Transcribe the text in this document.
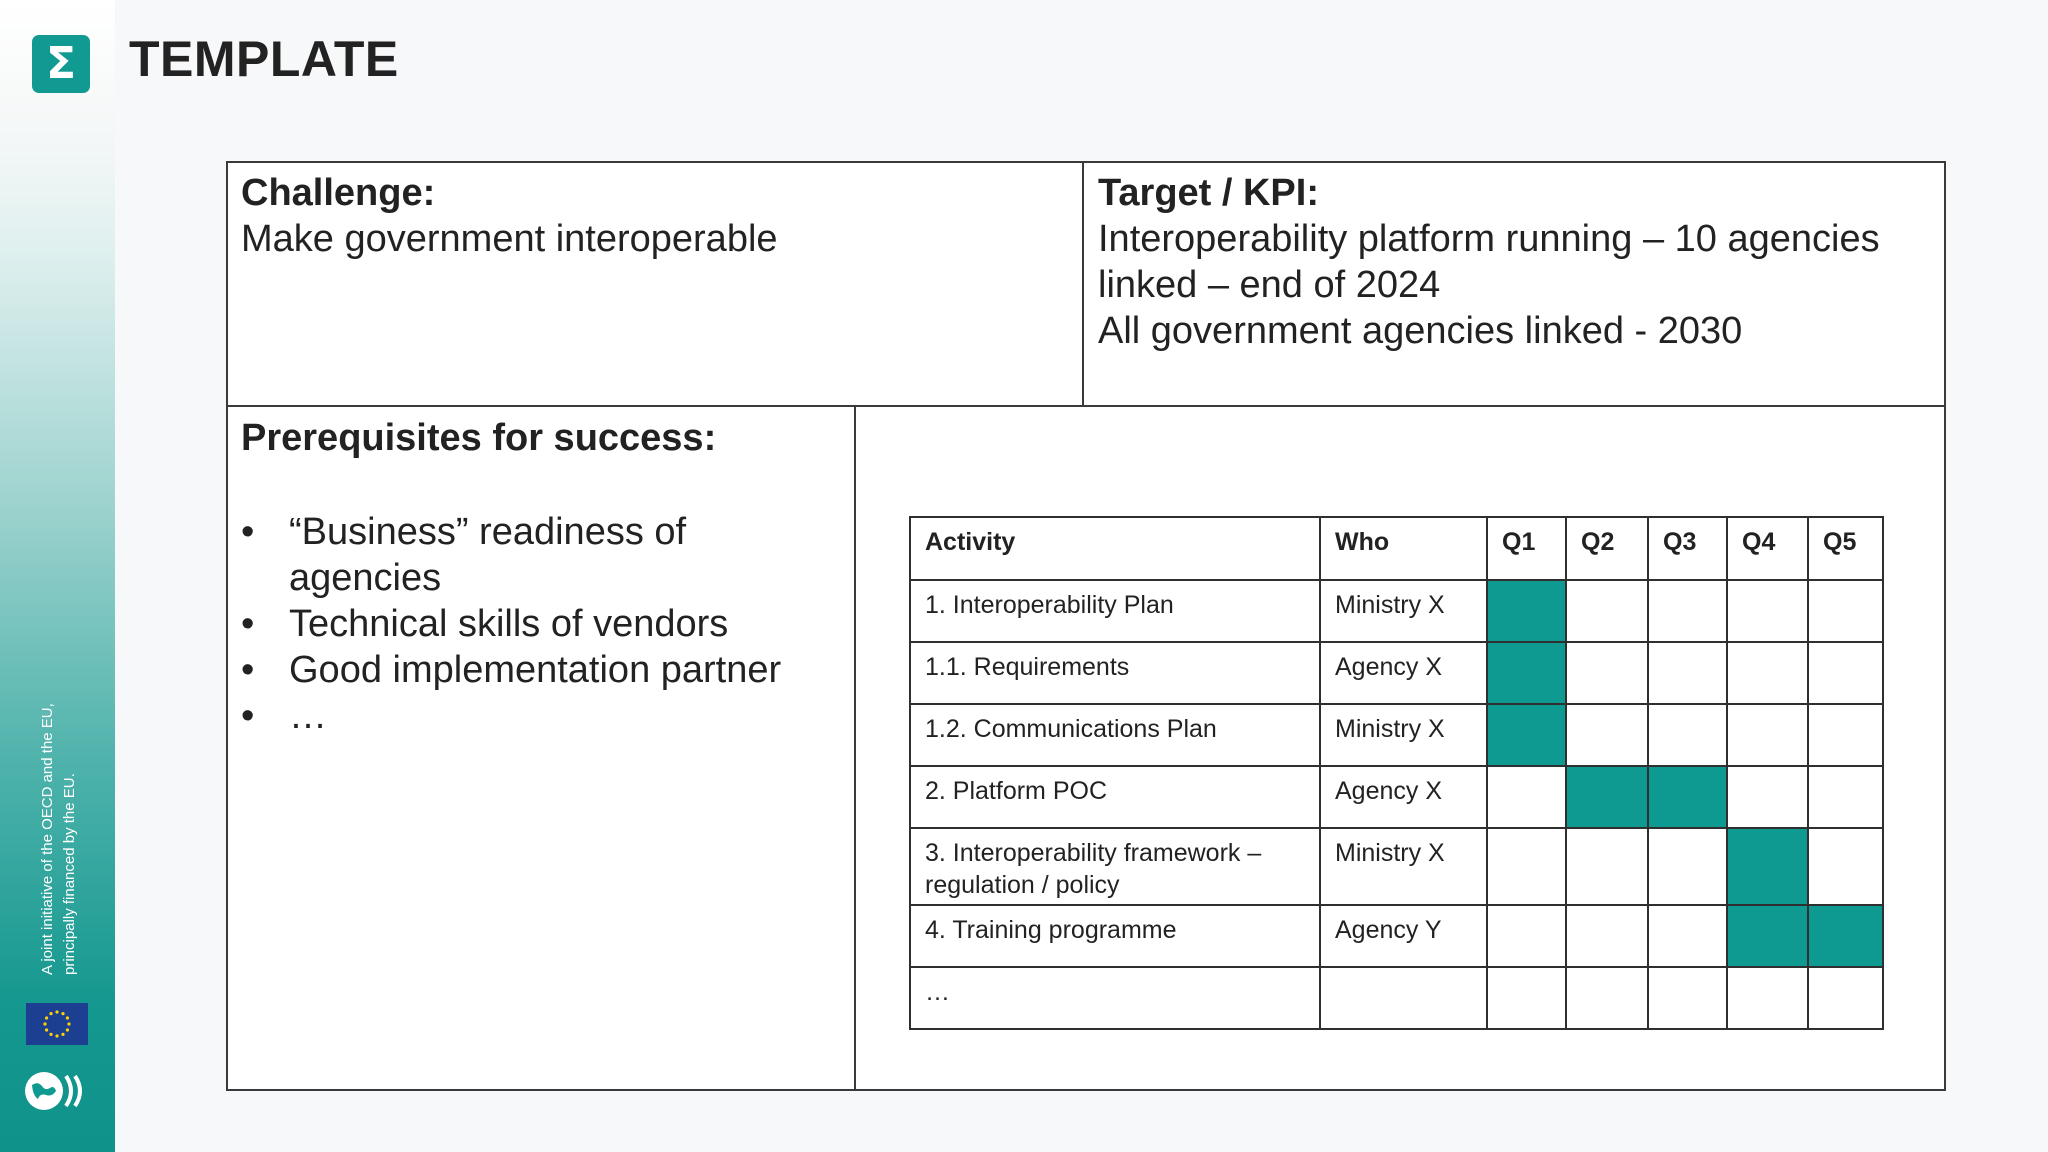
Σ
A joint initiative of the OECD and the EU, principally financed by the EU.
TEMPLATE
Challenge:
Make government interoperable
Target / KPI:
Interoperability platform running – 10 agencies
linked – end of 2024
All government agencies linked - 2030
Prerequisites for success:
• “Business” readiness of agencies
• Technical skills of vendors
• Good implementation partner
• …
Activity	Who	Q1	Q2	Q3	Q4	Q5
1. Interoperability Plan	Ministry X					
1.1. Requirements	Agency X					
1.2. Communications Plan	Ministry X					
2. Platform POC	Agency X					
3. Interoperability framework – regulation / policy	Ministry X					
4. Training programme	Agency Y					
…						
